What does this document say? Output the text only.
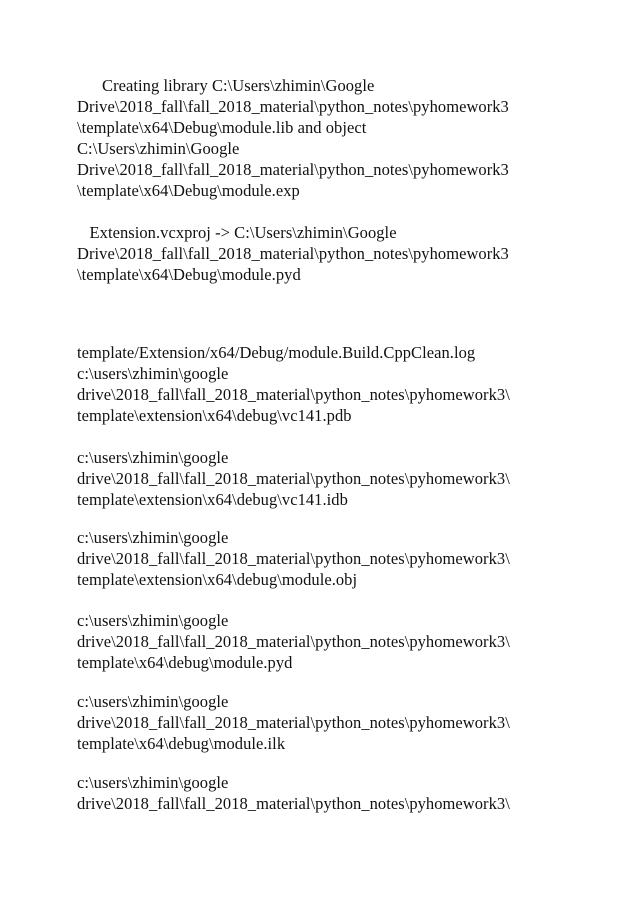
Creating library C:\Users\zhimin\Google
Drive\2018_fall\fall_2018_material\python_notes\pyhomework3
\template\x64\Debug\module.lib and object
C:\Users\zhimin\Google
Drive\2018_fall\fall_2018_material\python_notes\pyhomework3
\template\x64\Debug\module.exp
Extension.vcxproj -> C:\Users\zhimin\Google
Drive\2018_fall\fall_2018_material\python_notes\pyhomework3
\template\x64\Debug\module.pyd
template/Extension/x64/Debug/module.Build.CppClean.log
c:\users\zhimin\google
drive\2018_fall\fall_2018_material\python_notes\pyhomework3\
template\extension\x64\debug\vc141.pdb
c:\users\zhimin\google
drive\2018_fall\fall_2018_material\python_notes\pyhomework3\
template\extension\x64\debug\vc141.idb
c:\users\zhimin\google
drive\2018_fall\fall_2018_material\python_notes\pyhomework3\
template\extension\x64\debug\module.obj
c:\users\zhimin\google
drive\2018_fall\fall_2018_material\python_notes\pyhomework3\
template\x64\debug\module.pyd
c:\users\zhimin\google
drive\2018_fall\fall_2018_material\python_notes\pyhomework3\
template\x64\debug\module.ilk
c:\users\zhimin\google
drive\2018_fall\fall_2018_material\python_notes\pyhomework3\
